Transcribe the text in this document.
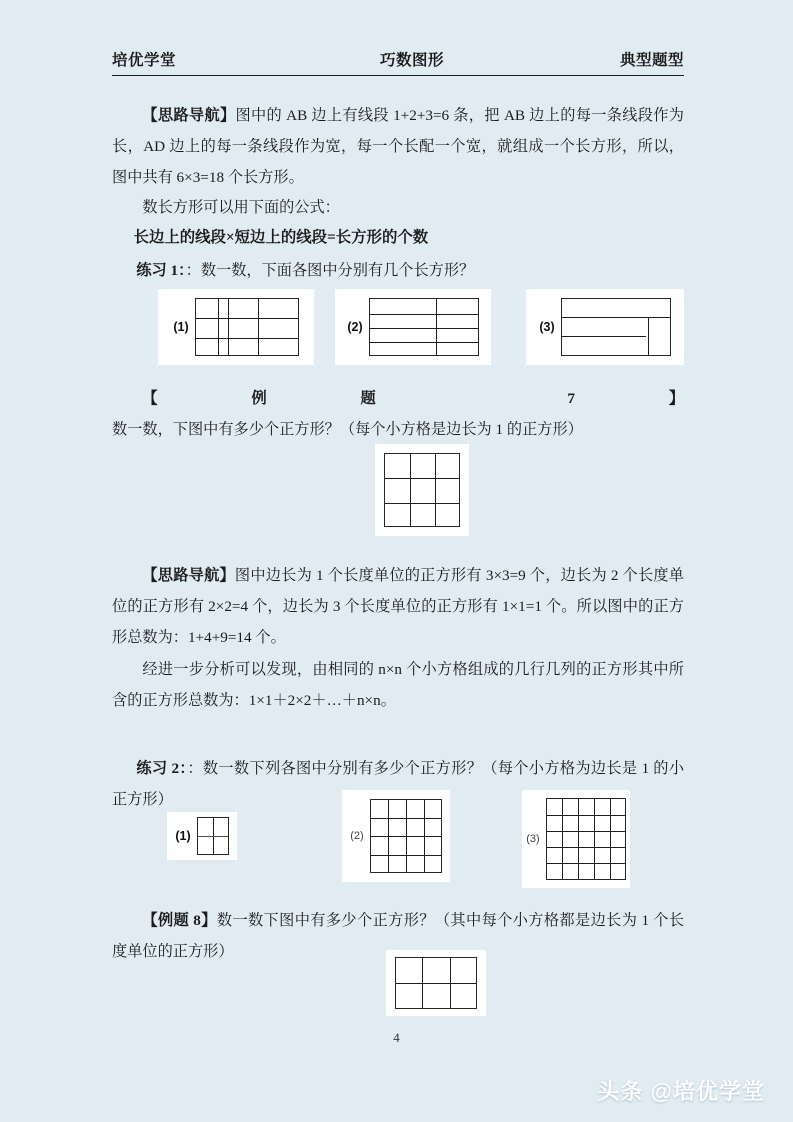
培优学堂	巧数图形	典型题型
【思路导航】图中的 AB 边上有线段 1+2+3=6 条，把 AB 边上的每一条线段作为长，AD 边上的每一条线段作为宽，每一个长配一个宽，就组成一个长方形，所以，图中共有 6×3=18 个长方形。
数长方形可以用下面的公式：
长边上的线段×短边上的线段=长方形的个数
练习 1：：数一数，下面各图中分别有几个长方形？
(1)	(2)	(3)
【例题 7】数一数，下图中有多少个正方形？（每个小方格是边长为 1 的正方形）
【思路导航】图中边长为 1 个长度单位的正方形有 3×3=9 个，边长为 2 个长度单位的正方形有 2×2=4 个，边长为 3 个长度单位的正方形有 1×1=1 个。所以图中的正方形总数为：1+4+9=14 个。
经进一步分析可以发现，由相同的 n×n 个小方格组成的几行几列的正方形其中所含的正方形总数为：1×1＋2×2＋…＋n×n。
练习 2：：数一数下列各图中分别有多少个正方形？（每个小方格为边长是 1 的小正方形）
(1)	(2)	(3)
【例题 8】数一数下图中有多少个正方形？（其中每个小方格都是边长为 1 个长度单位的正方形）
4
头条 @培优学堂
